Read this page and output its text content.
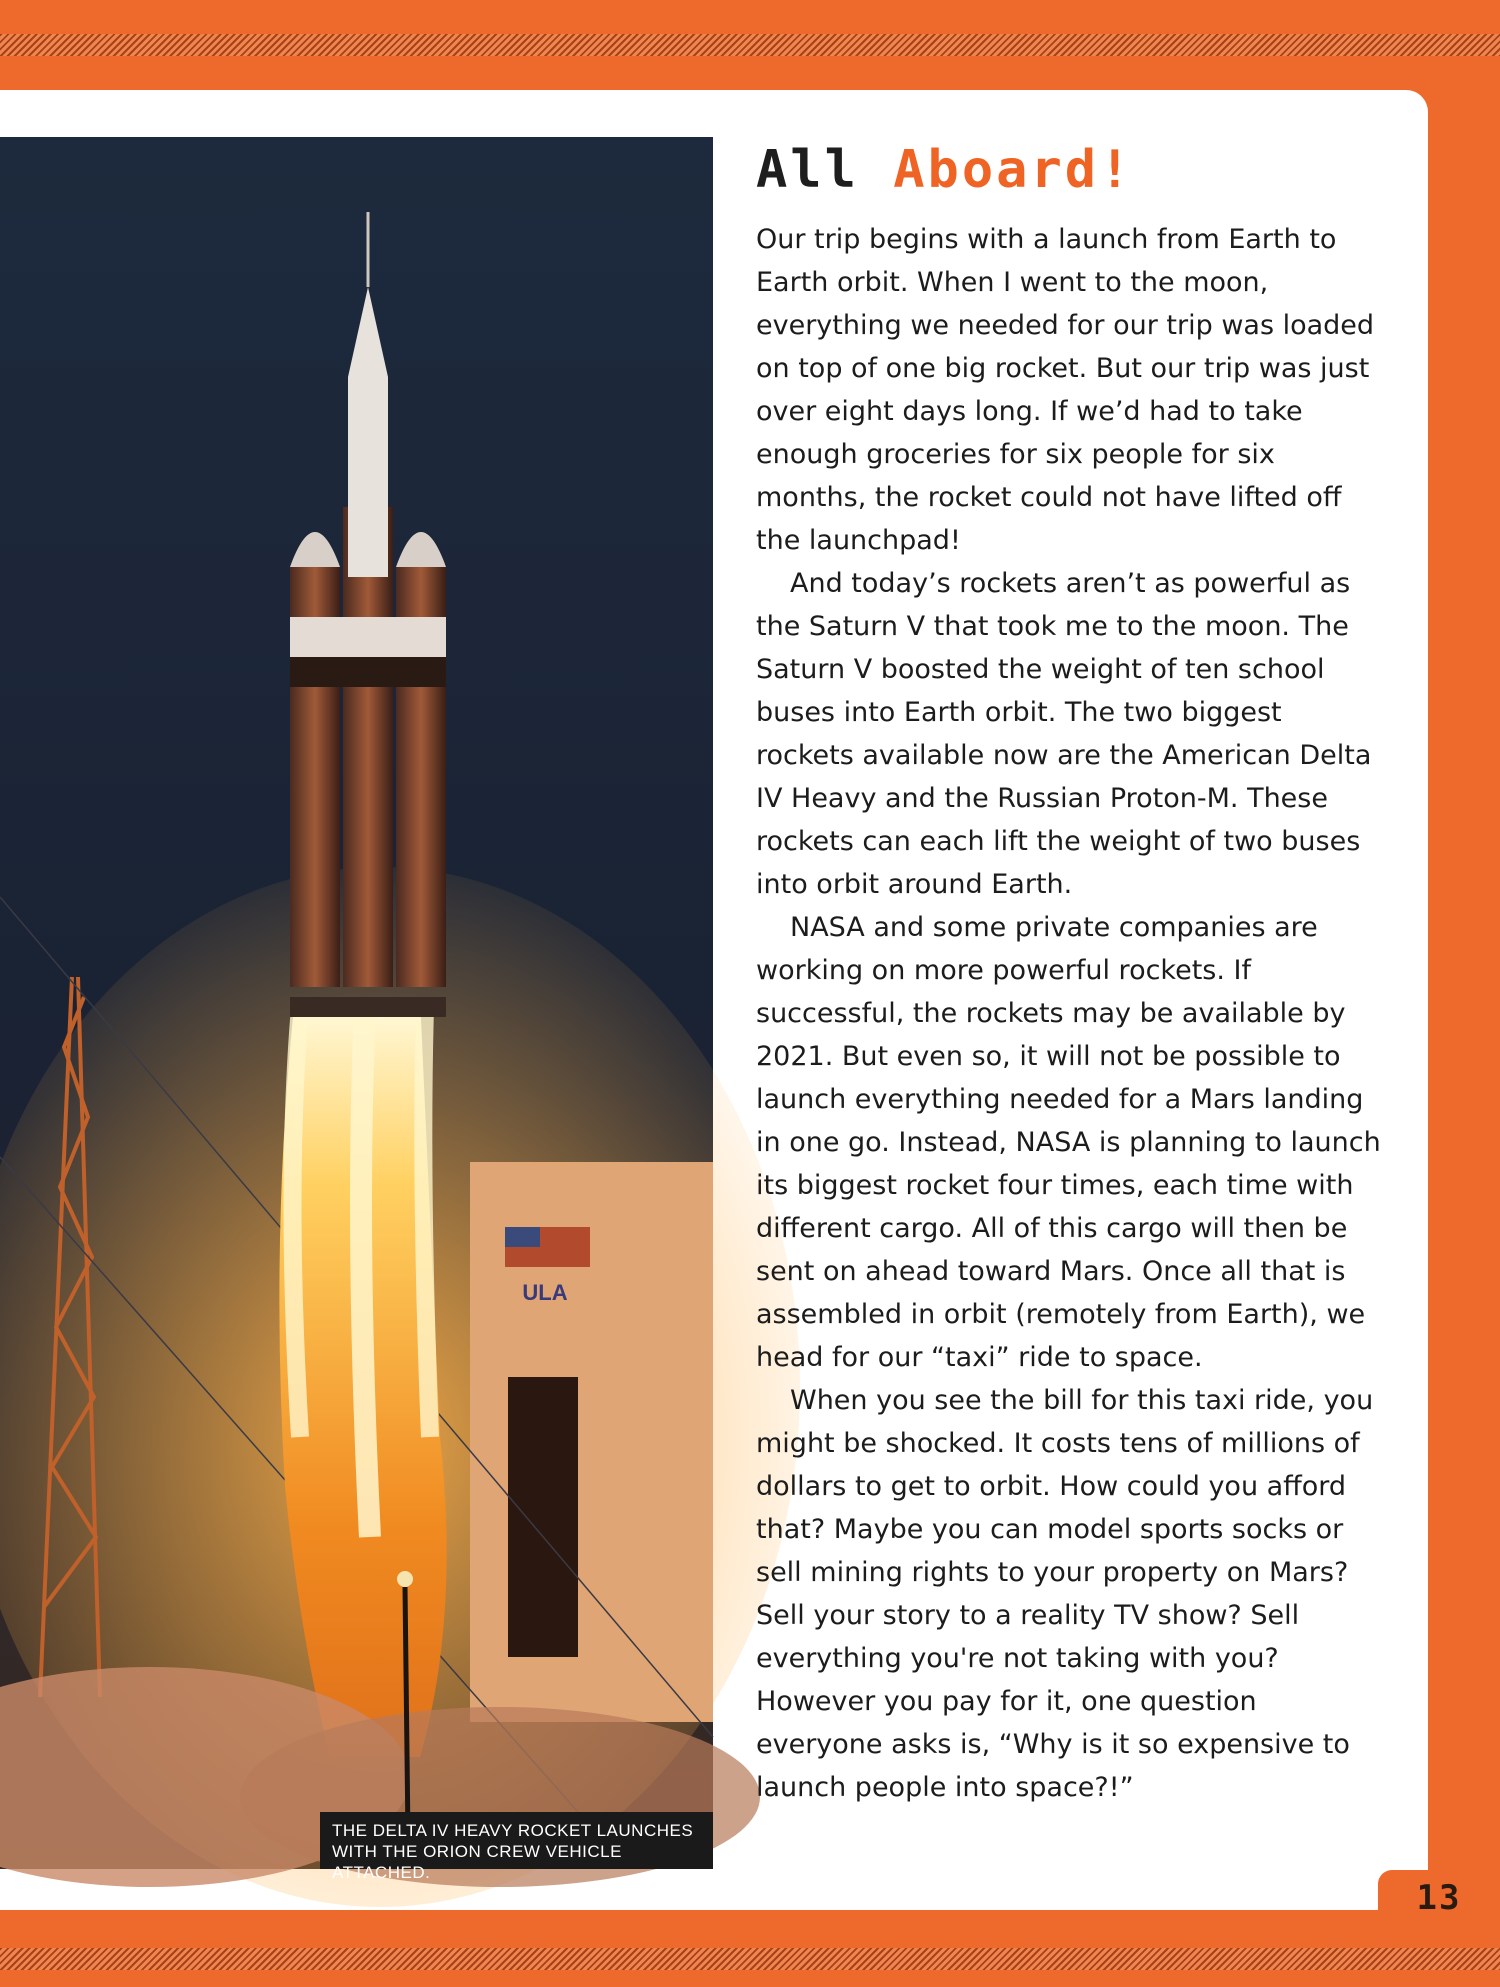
ULA
THE DELTA IV HEAVY ROCKET LAUNCHES
WITH THE ORION CREW VEHICLE ATTACHED.
All Aboard!

Our trip begins with a launch from Earth to Earth orbit. When I went to the moon, everything we needed for our trip was loaded on top of one big rocket. But our trip was just over eight days long. If we’d had to take enough groceries for six people for six months, the rocket could not have lifted off the launchpad!

And today’s rockets aren’t as powerful as the Saturn V that took me to the moon. The Saturn V boosted the weight of ten school buses into Earth orbit. The two biggest rockets available now are the American Delta IV Heavy and the Russian Proton-M. These rockets can each lift the weight of two buses into orbit around Earth.

NASA and some private companies are working on more powerful rockets. If successful, the rockets may be available by 2021. But even so, it will not be possible to launch everything needed for a Mars landing in one go. Instead, NASA is planning to launch its biggest rocket four times, each time with different cargo. All of this cargo will then be sent on ahead toward Mars. Once all that is assembled in orbit (remotely from Earth), we head for our “taxi” ride to space.

When you see the bill for this taxi ride, you might be shocked. It costs tens of millions of dollars to get to orbit. How could you afford that? Maybe you can model sports socks or sell mining rights to your property on Mars? Sell your story to a reality TV show? Sell everything you're not taking with you? However you pay for it, one question everyone asks is, “Why is it so expensive to launch people into space?!”

13
